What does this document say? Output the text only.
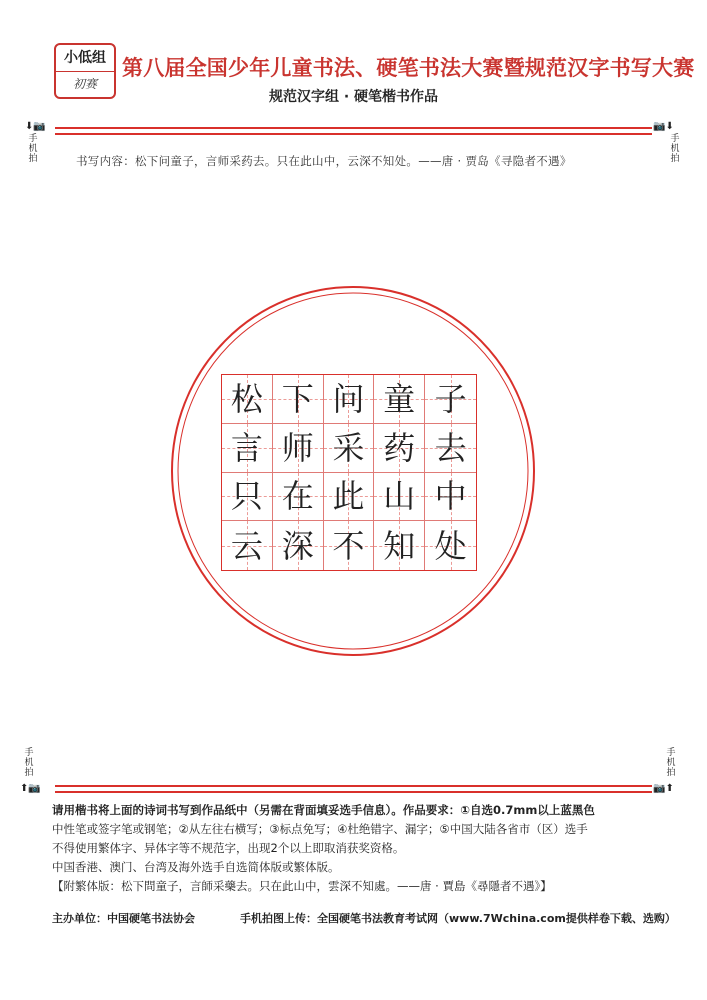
小低组
初赛
第八届全国少年儿童书法、硬笔书法大赛暨规范汉字书写大赛
规范汉字组 · 硬笔楷书作品
⬇📷
手
机
拍
📷⬇
手
机
拍
书写内容：松下问童子，言师采药去。只在此山中，云深不知处。——唐 · 贾岛《寻隐者不遇》
松 下 问 童 子
言 师 采 药 去
只 在 此 山 中
云 深 不 知 处
手
机
拍
⬆📷
手
机
拍
📷⬆
请用楷书将上面的诗词书写到作品纸中（另需在背面填妥选手信息）。作品要求：①自选0.7mm以上蓝黑色
中性笔或签字笔或钢笔；②从左往右横写；③标点免写；④杜绝错字、漏字；⑤中国大陆各省市（区）选手
不得使用繁体字、异体字等不规范字，出现2个以上即取消获奖资格。
中国香港、澳门、台湾及海外选手自选简体版或繁体版。
【附繁体版：松下問童子，言師采藥去。只在此山中，雲深不知處。——唐 · 賈島《尋隱者不遇》】
主办单位：中国硬笔书法协会	手机拍图上传：全国硬笔书法教育考试网（www.7Wchina.com提供样卷下载、选购）
